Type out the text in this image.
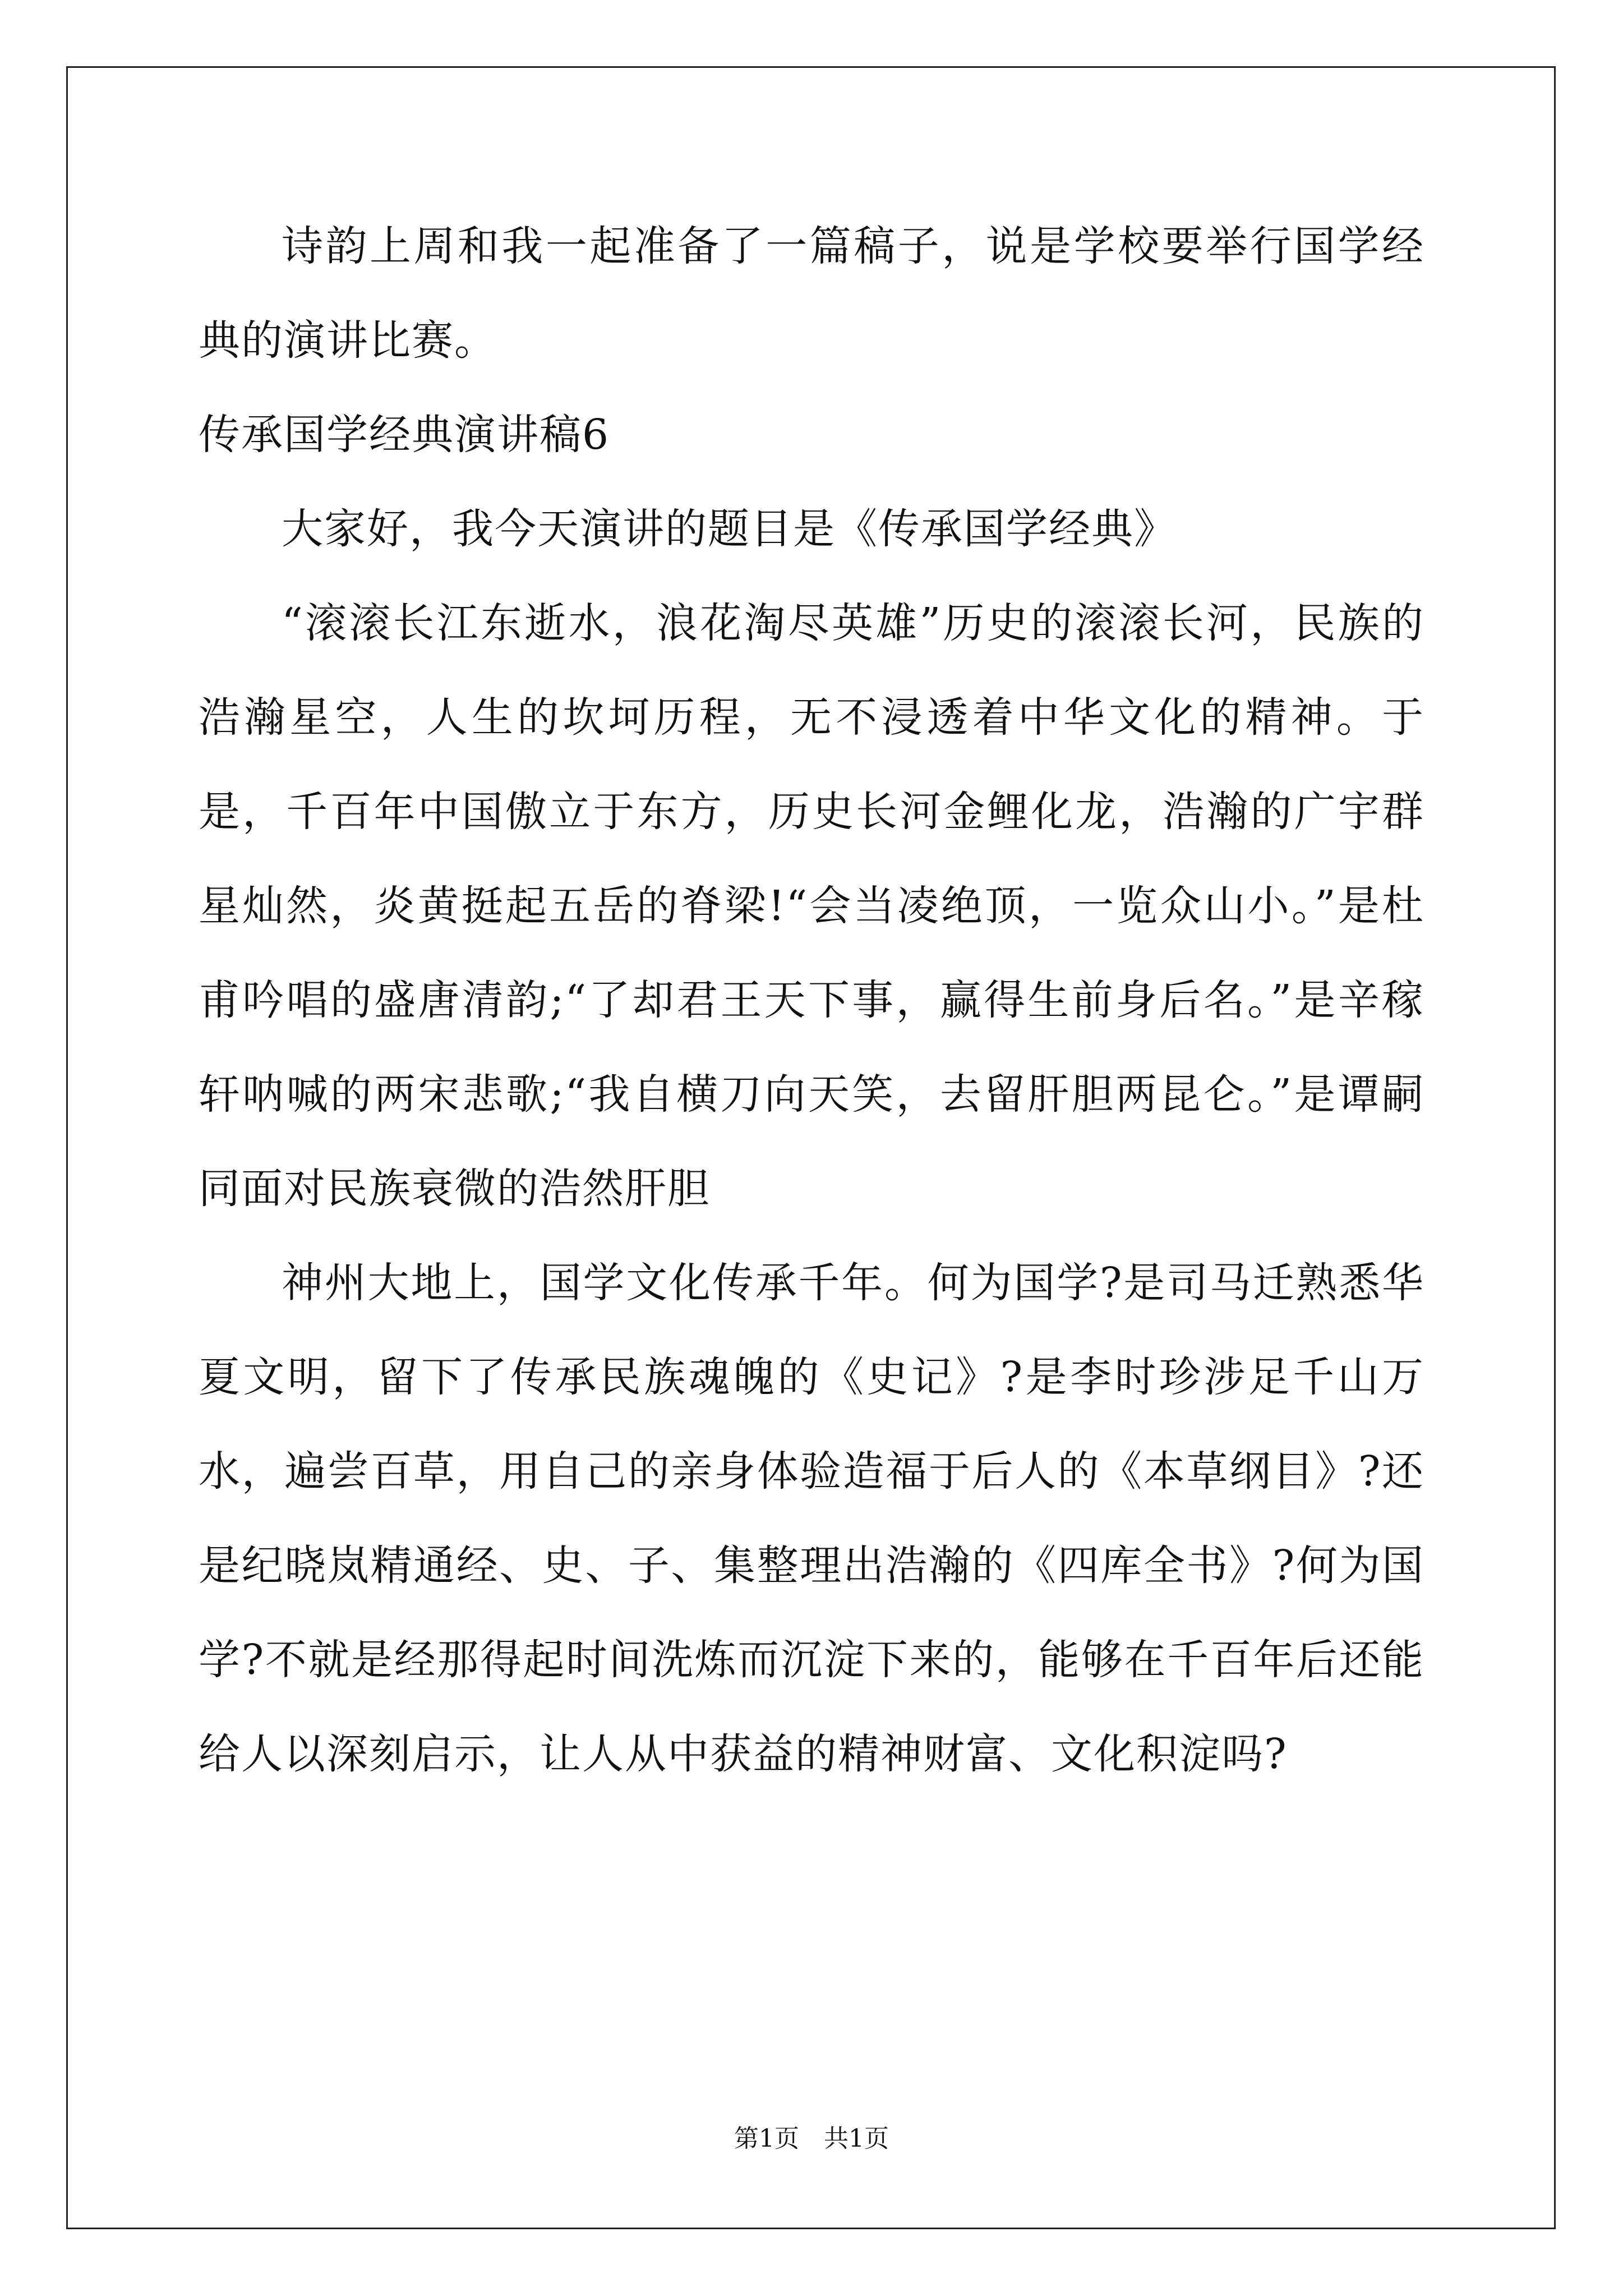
诗韵上周和我一起准备了一篇稿子，说是学校要举行国学经典的演讲比赛。

传承国学经典演讲稿6

大家好，我今天演讲的题目是《传承国学经典》

“滚滚长江东逝水，浪花淘尽英雄”历史的滚滚长河，民族的浩瀚星空，人生的坎坷历程，无不浸透着中华文化的精神。于是，千百年中国傲立于东方，历史长河金鲤化龙，浩瀚的广宇群星灿然，炎黄挺起五岳的脊梁!“会当凌绝顶，一览众山小。”是杜甫吟唱的盛唐清韵;“了却君王天下事，赢得生前身后名。”是辛稼轩呐喊的两宋悲歌;“我自横刀向天笑，去留肝胆两昆仑。”是谭嗣同面对民族衰微的浩然肝胆

神州大地上，国学文化传承千年。何为国学?是司马迁熟悉华夏文明，留下了传承民族魂魄的《史记》?是李时珍涉足千山万水，遍尝百草，用自己的亲身体验造福于后人的《本草纲目》?还是纪晓岚精通经、史、子、集整理出浩瀚的《四库全书》?何为国学?不就是经那得起时间洗炼而沉淀下来的，能够在千百年后还能给人以深刻启示，让人从中获益的精神财富、文化积淀吗?

第1页　共1页
